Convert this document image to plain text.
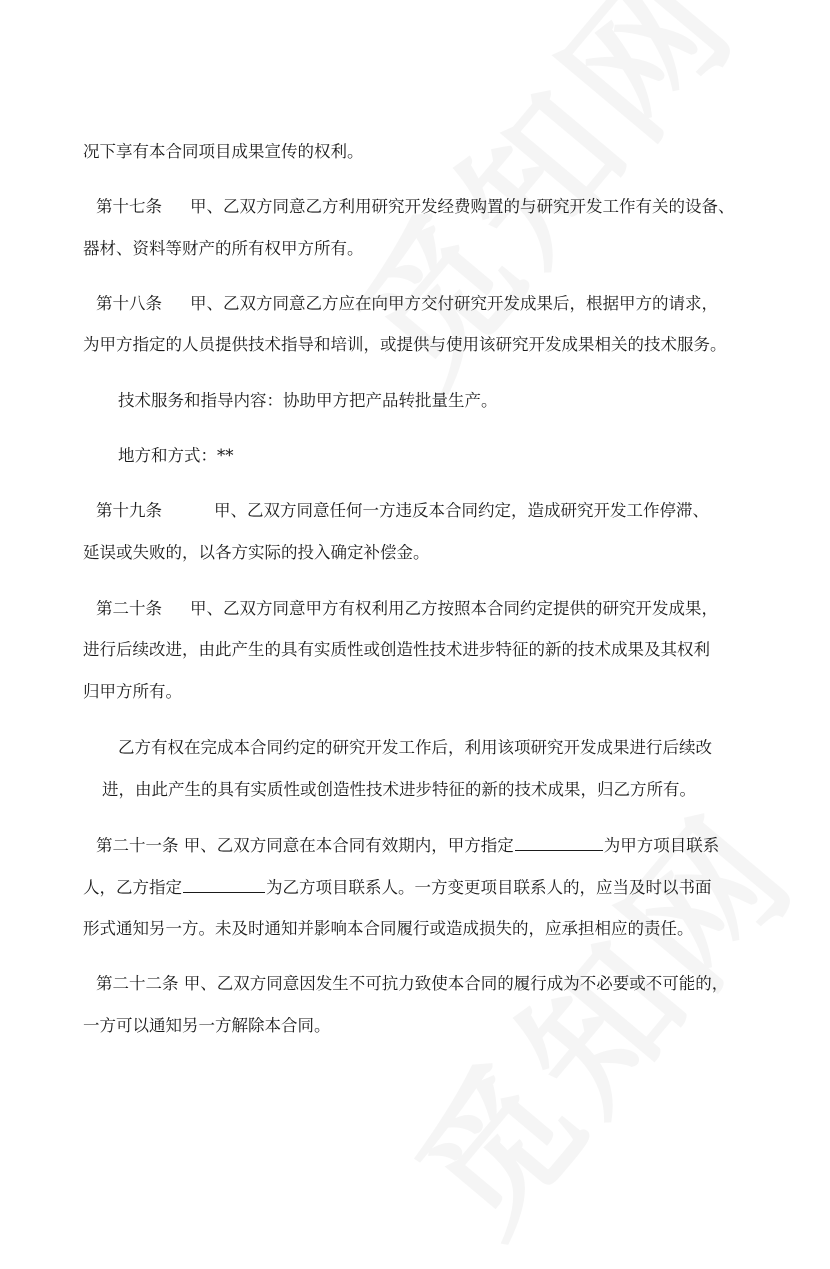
况下享有本合同项目成果宣传的权利。
第十七条 甲、乙双方同意乙方利用研究开发经费购置的与研究开发工作有关的设备、
器材、资料等财产的所有权甲方所有。
第十八条 甲、乙双方同意乙方应在向甲方交付研究开发成果后，根据甲方的请求，
为甲方指定的人员提供技术指导和培训，或提供与使用该研究开发成果相关的技术服务。
技术服务和指导内容：协助甲方把产品转批量生产。
地方和方式：**
第十九条	甲、乙双方同意任何一方违反本合同约定，造成研究开发工作停滞、
延误或失败的，以各方实际的投入确定补偿金。
第二十条 甲、乙双方同意甲方有权利用乙方按照本合同约定提供的研究开发成果，
进行后续改进，由此产生的具有实质性或创造性技术进步特征的新的技术成果及其权利
归甲方所有。
乙方有权在完成本合同约定的研究开发工作后，利用该项研究开发成果进行后续改
进，由此产生的具有实质性或创造性技术进步特征的新的技术成果，归乙方所有。
第二十一条 甲、乙双方同意在本合同有效期内，甲方指定	为甲方项目联系
人，乙方指定	为乙方项目联系人。一方变更项目联系人的，应当及时以书面
形式通知另一方。未及时通知并影响本合同履行或造成损失的，应承担相应的责任。
第二十二条 甲、乙双方同意因发生不可抗力致使本合同的履行成为不必要或不可能的，
一方可以通知另一方解除本合同。
